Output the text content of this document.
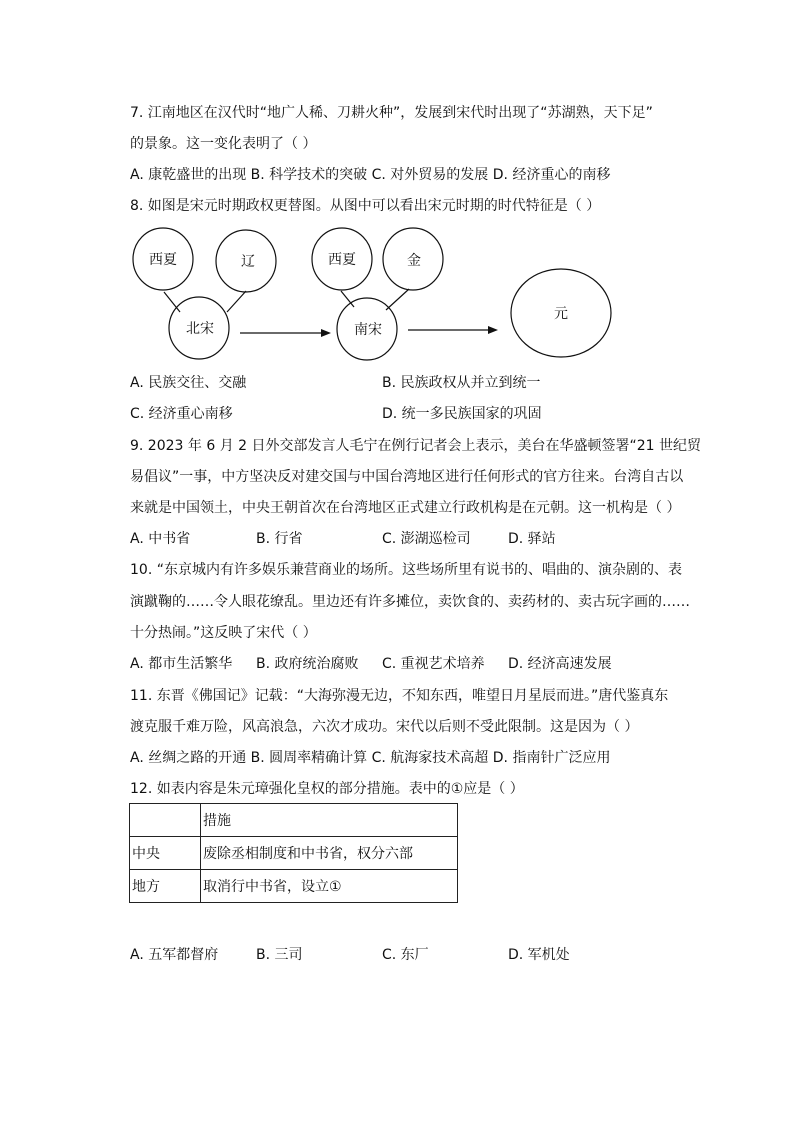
7. 江南地区在汉代时“地广人稀、刀耕火种”，发展到宋代时出现了“苏湖熟，天下足”
的景象。这一变化表明了（ ）
A. 康乾盛世的出现 B. 科学技术的突破 C. 对外贸易的发展 D. 经济重心的南移
8. 如图是宋元时期政权更替图。从图中可以看出宋元时期的时代特征是（ ）
西夏	辽
北宋
西夏	金
南宋
元
A. 民族交往、交融	B. 民族政权从并立到统一
C. 经济重心南移	D. 统一多民族国家的巩固
9. 2023 年 6 月 2 日外交部发言人毛宁在例行记者会上表示，美台在华盛顿签署“21 世纪贸
易倡议”一事，中方坚决反对建交国与中国台湾地区进行任何形式的官方往来。台湾自古以
来就是中国领土，中央王朝首次在台湾地区正式建立行政机构是在元朝。这一机构是（ ）
A. 中书省	B. 行省	C. 澎湖巡检司	D. 驿站
10. “东京城内有许多娱乐兼营商业的场所。这些场所里有说书的、唱曲的、演杂剧的、表
演蹴鞠的……令人眼花缭乱。里边还有许多摊位，卖饮食的、卖药材的、卖古玩字画的……
十分热闹。”这反映了宋代（ ）
A. 都市生活繁华 B. 政府统治腐败 C. 重视艺术培养 D. 经济高速发展
11. 东晋《佛国记》记载：“大海弥漫无边，不知东西，唯望日月星辰而进。”唐代鉴真东
渡克服千难万险，风高浪急，六次才成功。宋代以后则不受此限制。这是因为（ ）
A. 丝绸之路的开通 B. 圆周率精确计算 C. 航海家技术高超 D. 指南针广泛应用
12. 如表内容是朱元璋强化皇权的部分措施。表中的①应是（ ）
	措施
中央	废除丞相制度和中书省，权分六部
地方	取消行中书省，设立①
A. 五军都督府	B. 三司	C. 东厂	D. 军机处
